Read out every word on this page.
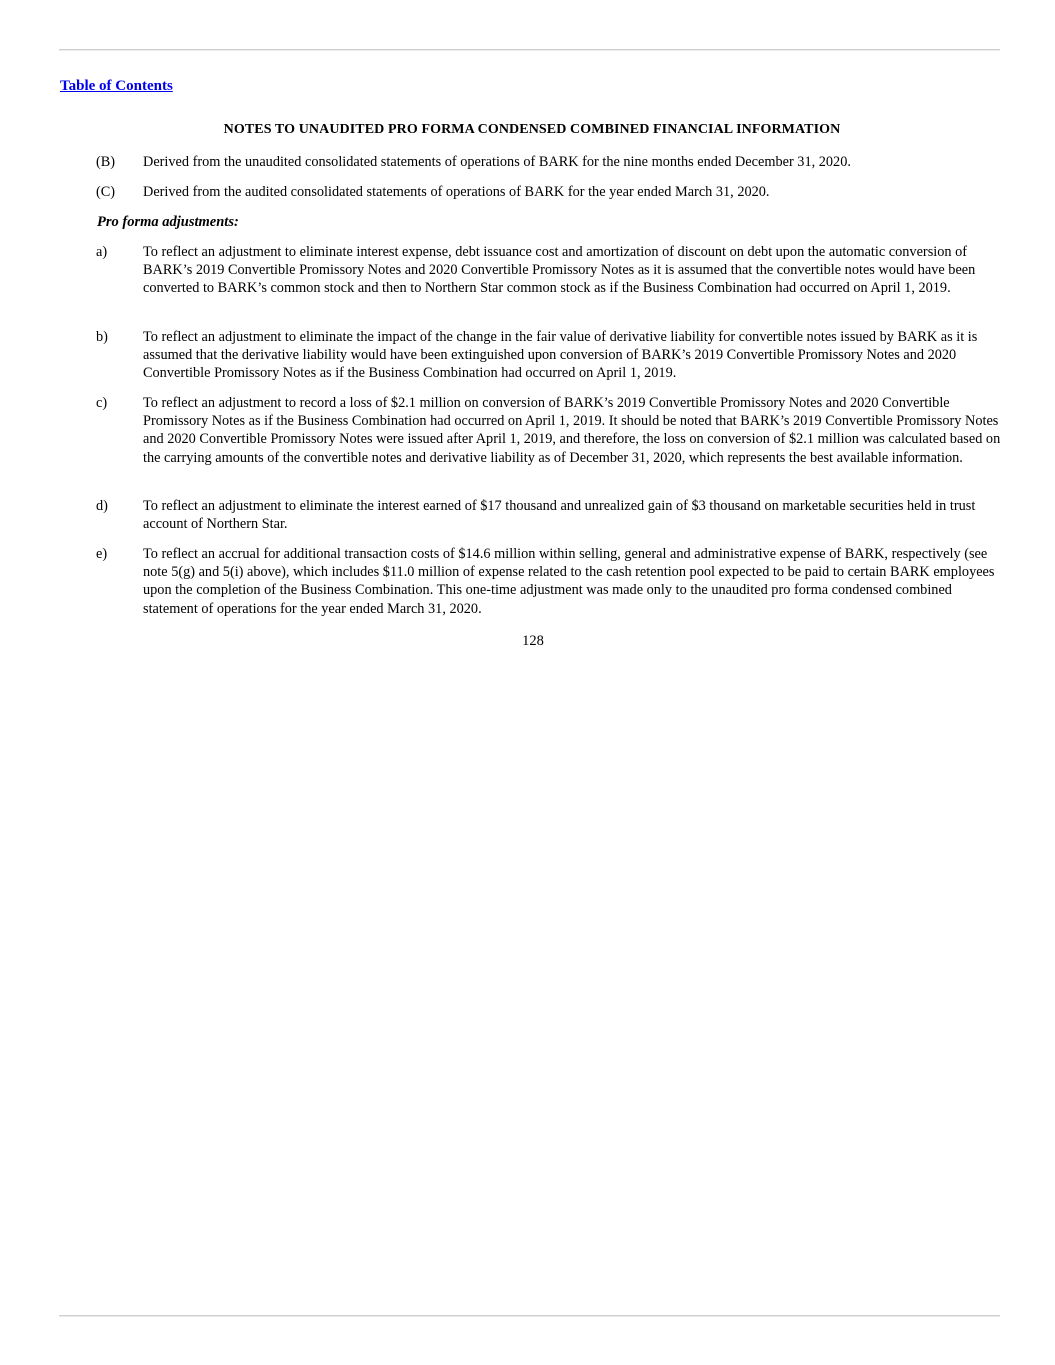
Table of Contents
NOTES TO UNAUDITED PRO FORMA CONDENSED COMBINED FINANCIAL INFORMATION
(B) Derived from the unaudited consolidated statements of operations of BARK for the nine months ended December 31, 2020.
(C) Derived from the audited consolidated statements of operations of BARK for the year ended March 31, 2020.
Pro forma adjustments:
a)	To reflect an adjustment to eliminate interest expense, debt issuance cost and amortization of discount on debt upon the automatic conversion of BARK’s 2019 Convertible Promissory Notes and 2020 Convertible Promissory Notes as it is assumed that the convertible notes would have been converted to BARK’s common stock and then to Northern Star common stock as if the Business Combination had occurred on April 1, 2019.
b) To reflect an adjustment to eliminate the impact of the change in the fair value of derivative liability for convertible notes issued by BARK as it is assumed that the derivative liability would have been extinguished upon conversion of BARK’s 2019 Convertible Promissory Notes and 2020 Convertible Promissory Notes as if the Business Combination had occurred on April 1, 2019.
c)	To reflect an adjustment to record a loss of $2.1 million on conversion of BARK’s 2019 Convertible Promissory Notes and 2020 Convertible Promissory Notes as if the Business Combination had occurred on April 1, 2019. It should be noted that BARK’s 2019 Convertible Promissory Notes and 2020 Convertible Promissory Notes were issued after April 1, 2019, and therefore, the loss on conversion of $2.1 million was calculated based on the carrying amounts of the convertible notes and derivative liability as of December 31, 2020, which represents the best available information.
d) To reflect an adjustment to eliminate the interest earned of $17 thousand and unrealized gain of $3 thousand on marketable securities held in trust account of Northern Star.
e)	To reflect an accrual for additional transaction costs of $14.6 million within selling, general and administrative expense of BARK, respectively (see note 5(g) and 5(i) above), which includes $11.0 million of expense related to the cash retention pool expected to be paid to certain BARK employees upon the completion of the Business Combination. This one-time adjustment was made only to the unaudited pro forma condensed combined statement of operations for the year ended March 31, 2020.
128
